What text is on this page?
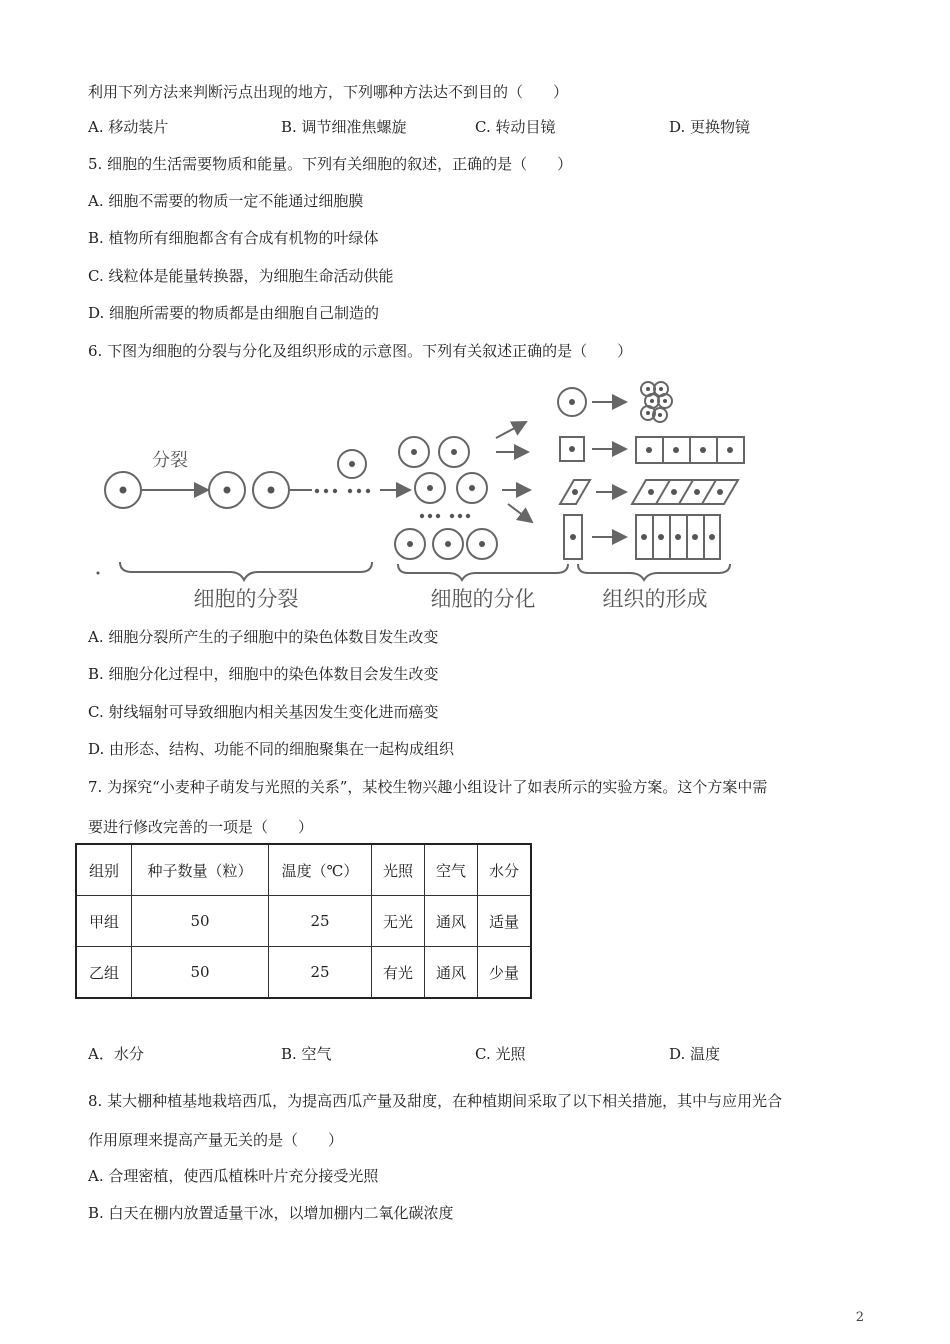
利用下列方法来判断污点出现的地方，下列哪种方法达不到目的（　　）
A. 移动装片	B. 调节细准焦螺旋	C. 转动目镜	D. 更换物镜
5. 细胞的生活需要物质和能量。下列有关细胞的叙述，正确的是（　　）
A. 细胞不需要的物质一定不能通过细胞膜
B. 植物所有细胞都含有合成有机物的叶绿体
C. 线粒体是能量转换器，为细胞生命活动供能
D. 细胞所需要的物质都是由细胞自己制造的
6. 下图为细胞的分裂与分化及组织形成的示意图。下列有关叙述正确的是（　　）
分裂
细胞的分裂	细胞的分化	组织的形成
A. 细胞分裂所产生的子细胞中的染色体数目发生改变
B. 细胞分化过程中，细胞中的染色体数目会发生改变
C. 射线辐射可导致细胞内相关基因发生变化进而癌变
D. 由形态、结构、功能不同的细胞聚集在一起构成组织
7. 为探究“小麦种子萌发与光照的关系”，某校生物兴趣小组设计了如表所示的实验方案。这个方案中需
要进行修改完善的一项是（　　）
组别	种子数量（粒）	温度（℃）	光照	空气	水分
甲组	50	25	无光	通风	适量
乙组	50	25	有光	通风	少量
A．水分	B. 空气	C. 光照	D. 温度
8. 某大棚种植基地栽培西瓜，为提高西瓜产量及甜度，在种植期间采取了以下相关措施，其中与应用光合
作用原理来提高产量无关的是（　　）
A. 合理密植，使西瓜植株叶片充分接受光照
B. 白天在棚内放置适量干冰，以增加棚内二氧化碳浓度
2
